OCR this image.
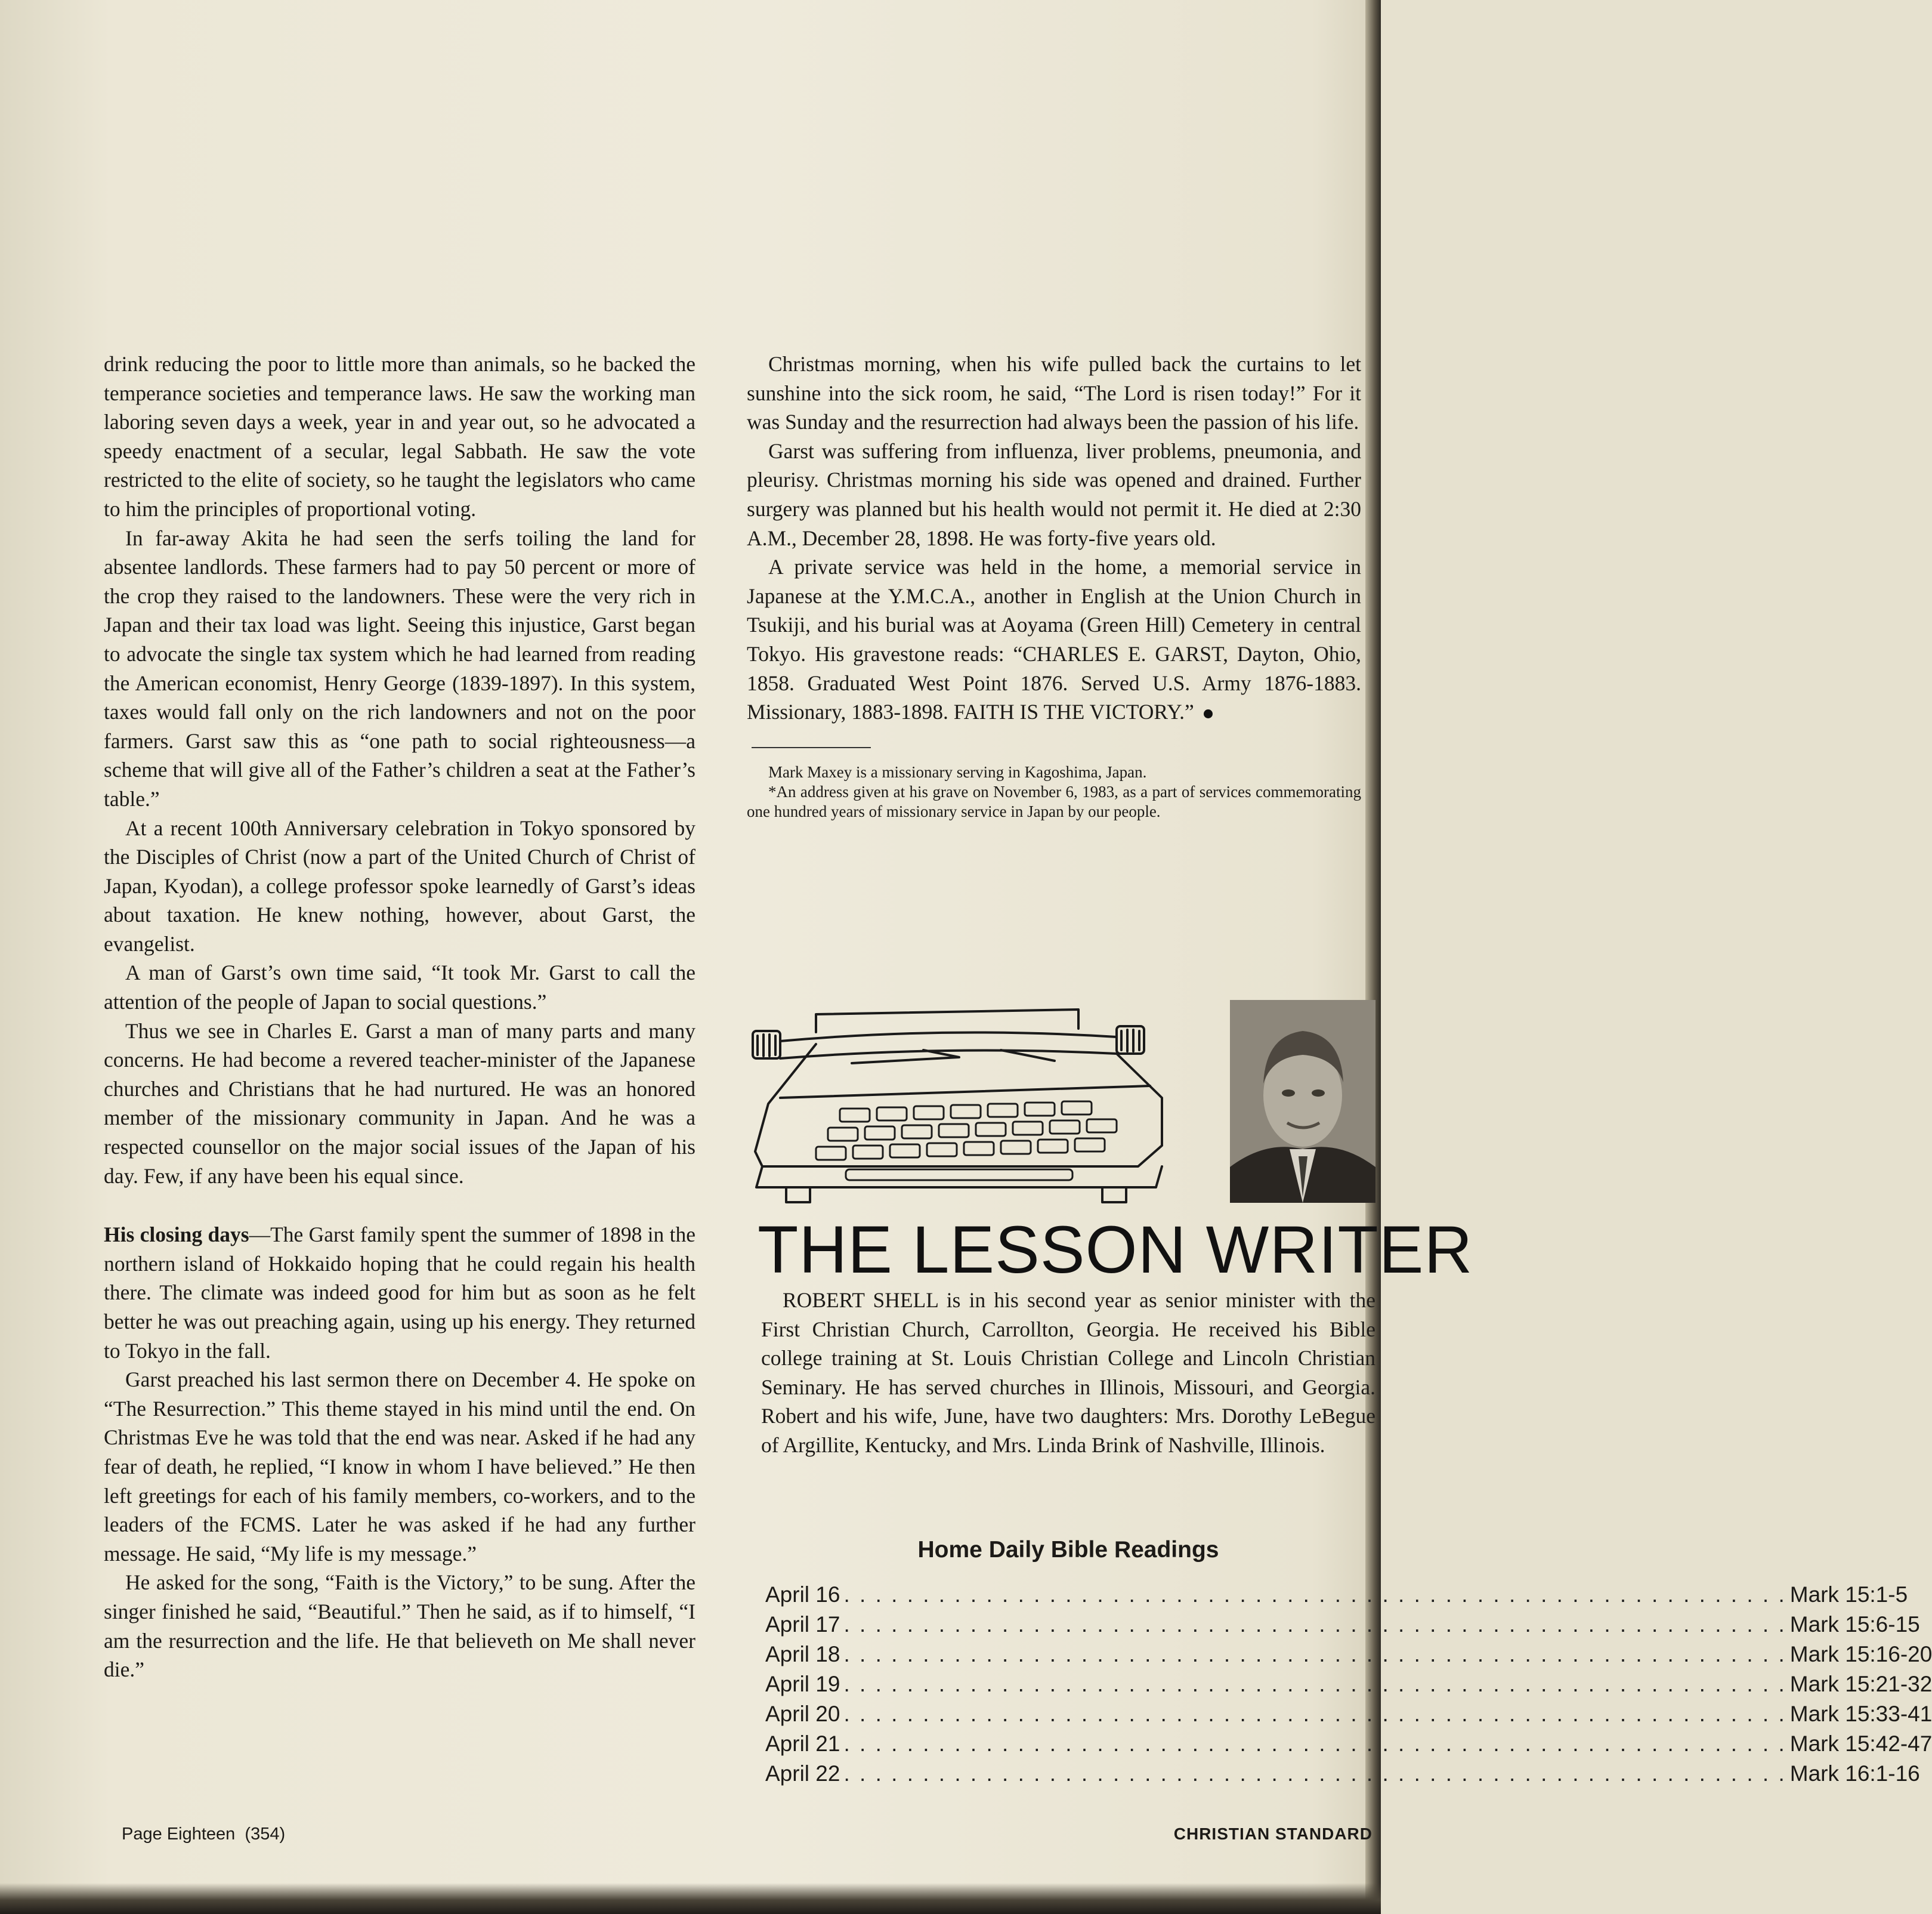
drink reducing the poor to little more than animals, so he backed the temperance societies and temperance laws. He saw the working man laboring seven days a week, year in and year out, so he advocated a speedy enactment of a secular, legal Sabbath. He saw the vote restricted to the elite of society, so he taught the legislators who came to him the principles of proportional voting.

In far-away Akita he had seen the serfs toiling the land for absentee landlords. These farmers had to pay 50 percent or more of the crop they raised to the landowners. These were the very rich in Japan and their tax load was light. Seeing this injustice, Garst began to advocate the single tax system which he had learned from reading the American economist, Henry George (1839-1897). In this system, taxes would fall only on the rich landowners and not on the poor farmers. Garst saw this as “one path to social righteousness—a scheme that will give all of the Father’s children a seat at the Father’s table.”

At a recent 100th Anniversary celebration in Tokyo sponsored by the Disciples of Christ (now a part of the United Church of Christ of Japan, Kyodan), a college professor spoke learnedly of Garst’s ideas about taxation. He knew nothing, however, about Garst, the evangelist.

A man of Garst’s own time said, “It took Mr. Garst to call the attention of the people of Japan to social questions.”

Thus we see in Charles E. Garst a man of many parts and many concerns. He had become a revered teacher-minister of the Japanese churches and Christians that he had nurtured. He was an honored member of the missionary community in Japan. And he was a respected counsellor on the major social issues of the Japan of his day. Few, if any have been his equal since.

His closing days—The Garst family spent the summer of 1898 in the northern island of Hokkaido hoping that he could regain his health there. The climate was indeed good for him but as soon as he felt better he was out preaching again, using up his energy. They returned to Tokyo in the fall.

Garst preached his last sermon there on December 4. He spoke on “The Resurrection.” This theme stayed in his mind until the end. On Christmas Eve he was told that the end was near. Asked if he had any fear of death, he replied, “I know in whom I have believed.” He then left greetings for each of his family members, co-workers, and to the leaders of the FCMS. Later he was asked if he had any further message. He said, “My life is my message.”

He asked for the song, “Faith is the Victory,” to be sung. After the singer finished he said, “Beautiful.” Then he said, as if to himself, “I am the resurrection and the life. He that believeth on Me shall never die.”

Christmas morning, when his wife pulled back the curtains to let sunshine into the sick room, he said, “The Lord is risen today!” For it was Sunday and the resurrection had always been the passion of his life.

Garst was suffering from influenza, liver problems, pneumonia, and pleurisy. Christmas morning his side was opened and drained. Further surgery was planned but his health would not permit it. He died at 2:30 A.M., December 28, 1898. He was forty-five years old.

A private service was held in the home, a memorial service in Japanese at the Y.M.C.A., another in English at the Union Church in Tsukiji, and his burial was at Aoyama (Green Hill) Cemetery in central Tokyo. His gravestone reads: “CHARLES E. GARST, Dayton, Ohio, 1858. Graduated West Point 1876. Served U.S. Army 1876-1883. Missionary, 1883-1898. FAITH IS THE VICTORY.”

Mark Maxey is a missionary serving in Kagoshima, Japan.

*An address given at his grave on November 6, 1983, as a part of services commemorating one hundred years of missionary service in Japan by our people.

THE LESSON WRITER
ROBERT SHELL is in his second year as senior minister with the First Christian Church, Carrollton, Georgia. He received his Bible college training at St. Louis Christian College and Lincoln Christian Seminary. He has served churches in Illinois, Missouri, and Georgia. Robert and his wife, June, have two daughters: Mrs. Dorothy LeBegue of Argillite, Kentucky, and Mrs. Linda Brink of Nashville, Illinois.
Home Daily Bible Readings
April 16 . . .	Mark 15:1-5
April 17 . . .	Mark 15:6-15
April 18 . . .	Mark 15:16-20
April 19 . . .	Mark 15:21-32
April 20 . . .	Mark 15:33-41
April 21 . . .	Mark 15:42-47
April 22 . . .	Mark 16:1-16
Page Eighteen (354)	CHRISTIAN STANDARD
